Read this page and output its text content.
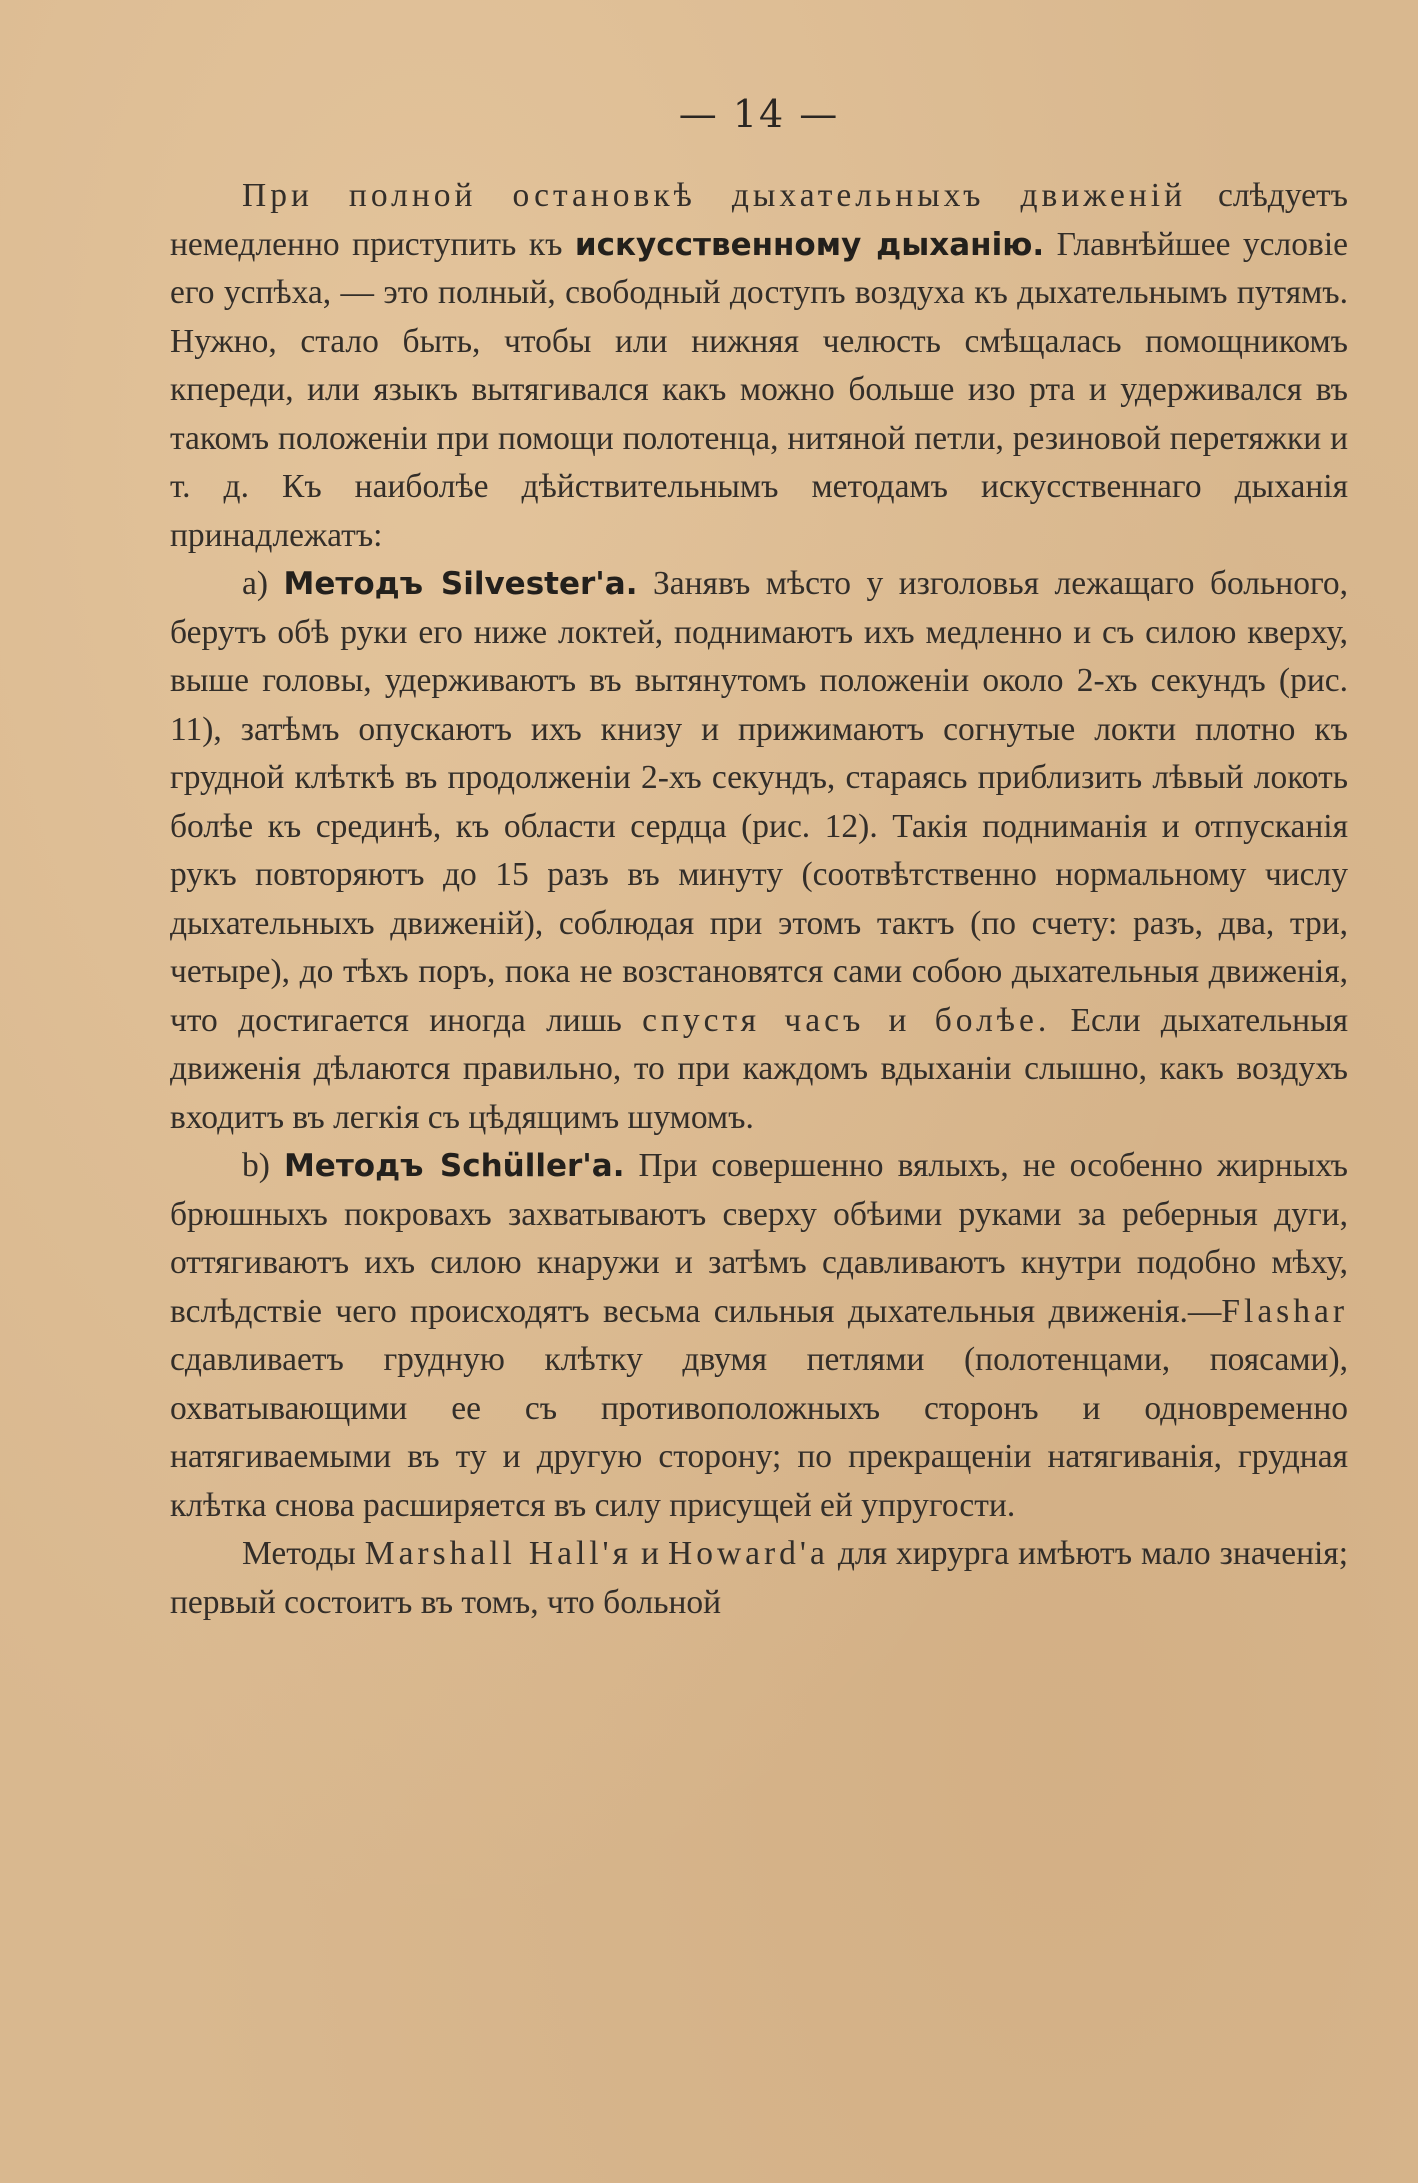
— 14 —

При полной остановкѣ дыхательныхъ движеній слѣдуетъ немедленно приступить къ искусственному дыханію. Главнѣйшее условіе его успѣха, — это полный, свободный доступъ воздуха къ дыхательнымъ путямъ. Нужно, стало быть, чтобы или нижняя челюсть смѣщалась помощникомъ кпереди, или языкъ вытягивался какъ можно больше изо рта и удерживался въ такомъ положеніи при помощи полотенца, нитяной петли, резиновой перетяжки и т. д. Къ наиболѣе дѣйствительнымъ методамъ искусственнаго дыханія принадлежатъ:

a) Методъ Silvester'a. Занявъ мѣсто у изголовья лежащаго больного, берутъ обѣ руки его ниже локтей, поднимаютъ ихъ медленно и съ силою кверху, выше головы, удерживаютъ въ вытянутомъ положеніи около 2-хъ секундъ (рис. 11), затѣмъ опускаютъ ихъ книзу и прижимаютъ согнутые локти плотно къ грудной клѣткѣ въ продолженіи 2-хъ секундъ, стараясь приблизить лѣвый локоть болѣе къ срединѣ, къ области сердца (рис. 12). Такія подниманія и отпусканія рукъ повторяютъ до 15 разъ въ минуту (соотвѣтственно нормальному числу дыхательныхъ движеній), соблюдая при этомъ тактъ (по счету: разъ, два, три, четыре), до тѣхъ поръ, пока не возстановятся сами собою дыхательныя движенія, что достигается иногда лишь спустя часъ и болѣе. Если дыхательныя движенія дѣлаются правильно, то при каждомъ вдыханіи слышно, какъ воздухъ входитъ въ легкія съ цѣдящимъ шумомъ.

b) Методъ Schüller'a. При совершенно вялыхъ, не особенно жирныхъ брюшныхъ покровахъ захватываютъ сверху обѣими руками за реберныя дуги, оттягиваютъ ихъ силою кнаружи и затѣмъ сдавливаютъ кнутри подобно мѣху, вслѣдствіе чего происходятъ весьма сильныя дыхательныя движенія.—Flashar сдавливаетъ грудную клѣтку двумя петлями (полотенцами, поясами), охватывающими ее съ противоположныхъ сторонъ и одновременно натягиваемыми въ ту и другую сторону; по прекращеніи натягиванія, грудная клѣтка снова расширяется въ силу присущей ей упругости.

Методы Marshall Hall'я и Howard'a для хирурга имѣютъ мало значенія; первый состоитъ въ томъ, что больной
